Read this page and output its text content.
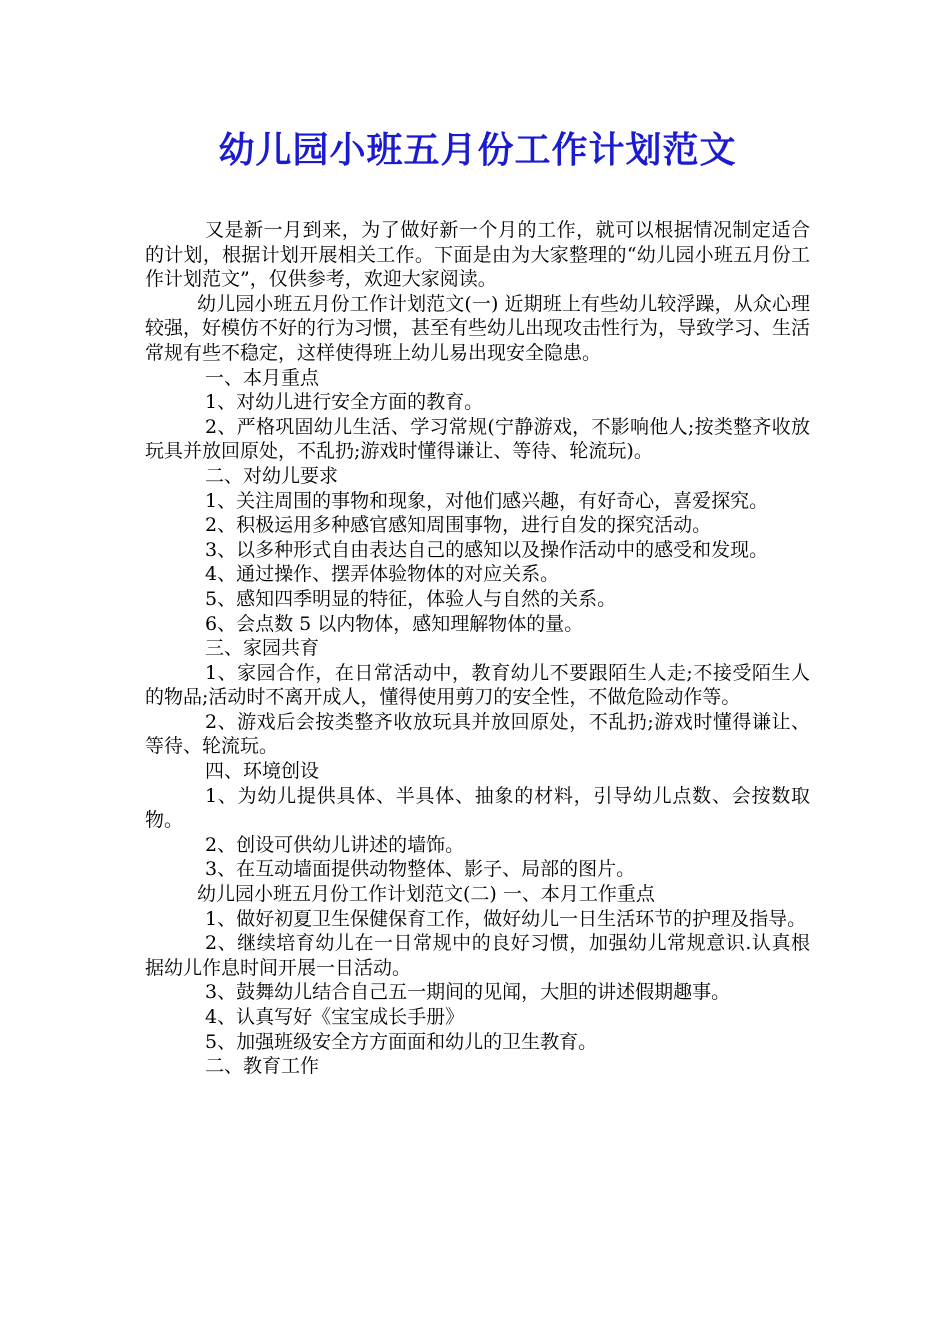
幼儿园小班五月份工作计划范文

又是新一月到来，为了做好新一个月的工作，就可以根据情况制定适合的计划，根据计划开展相关工作。下面是由为大家整理的“幼儿园小班五月份工作计划范文”，仅供参考，欢迎大家阅读。

幼儿园小班五月份工作计划范文(一) 近期班上有些幼儿较浮躁，从众心理较强，好模仿不好的行为习惯，甚至有些幼儿出现攻击性行为，导致学习、生活常规有些不稳定，这样使得班上幼儿易出现安全隐患。

一、本月重点

1、对幼儿进行安全方面的教育。

2、严格巩固幼儿生活、学习常规(宁静游戏，不影响他人;按类整齐收放玩具并放回原处，不乱扔;游戏时懂得谦让、等待、轮流玩)。

二、对幼儿要求

1、关注周围的事物和现象，对他们感兴趣，有好奇心，喜爱探究。

2、积极运用多种感官感知周围事物，进行自发的探究活动。

3、以多种形式自由表达自己的感知以及操作活动中的感受和发现。

4、通过操作、摆弄体验物体的对应关系。

5、感知四季明显的特征，体验人与自然的关系。

6、会点数 5 以内物体，感知理解物体的量。

三、家园共育

1、家园合作，在日常活动中，教育幼儿不要跟陌生人走;不接受陌生人的物品;活动时不离开成人，懂得使用剪刀的安全性，不做危险动作等。

2、游戏后会按类整齐收放玩具并放回原处，不乱扔;游戏时懂得谦让、等待、轮流玩。

四、环境创设

1、为幼儿提供具体、半具体、抽象的材料，引导幼儿点数、会按数取物。

2、创设可供幼儿讲述的墙饰。

3、在互动墙面提供动物整体、影子、局部的图片。

幼儿园小班五月份工作计划范文(二) 一、本月工作重点

1、做好初夏卫生保健保育工作，做好幼儿一日生活环节的护理及指导。

2、继续培育幼儿在一日常规中的良好习惯，加强幼儿常规意识.认真根据幼儿作息时间开展一日活动。

3、鼓舞幼儿结合自己五一期间的见闻，大胆的讲述假期趣事。

4、认真写好《宝宝成长手册》

5、加强班级安全方方面面和幼儿的卫生教育。

二、教育工作
